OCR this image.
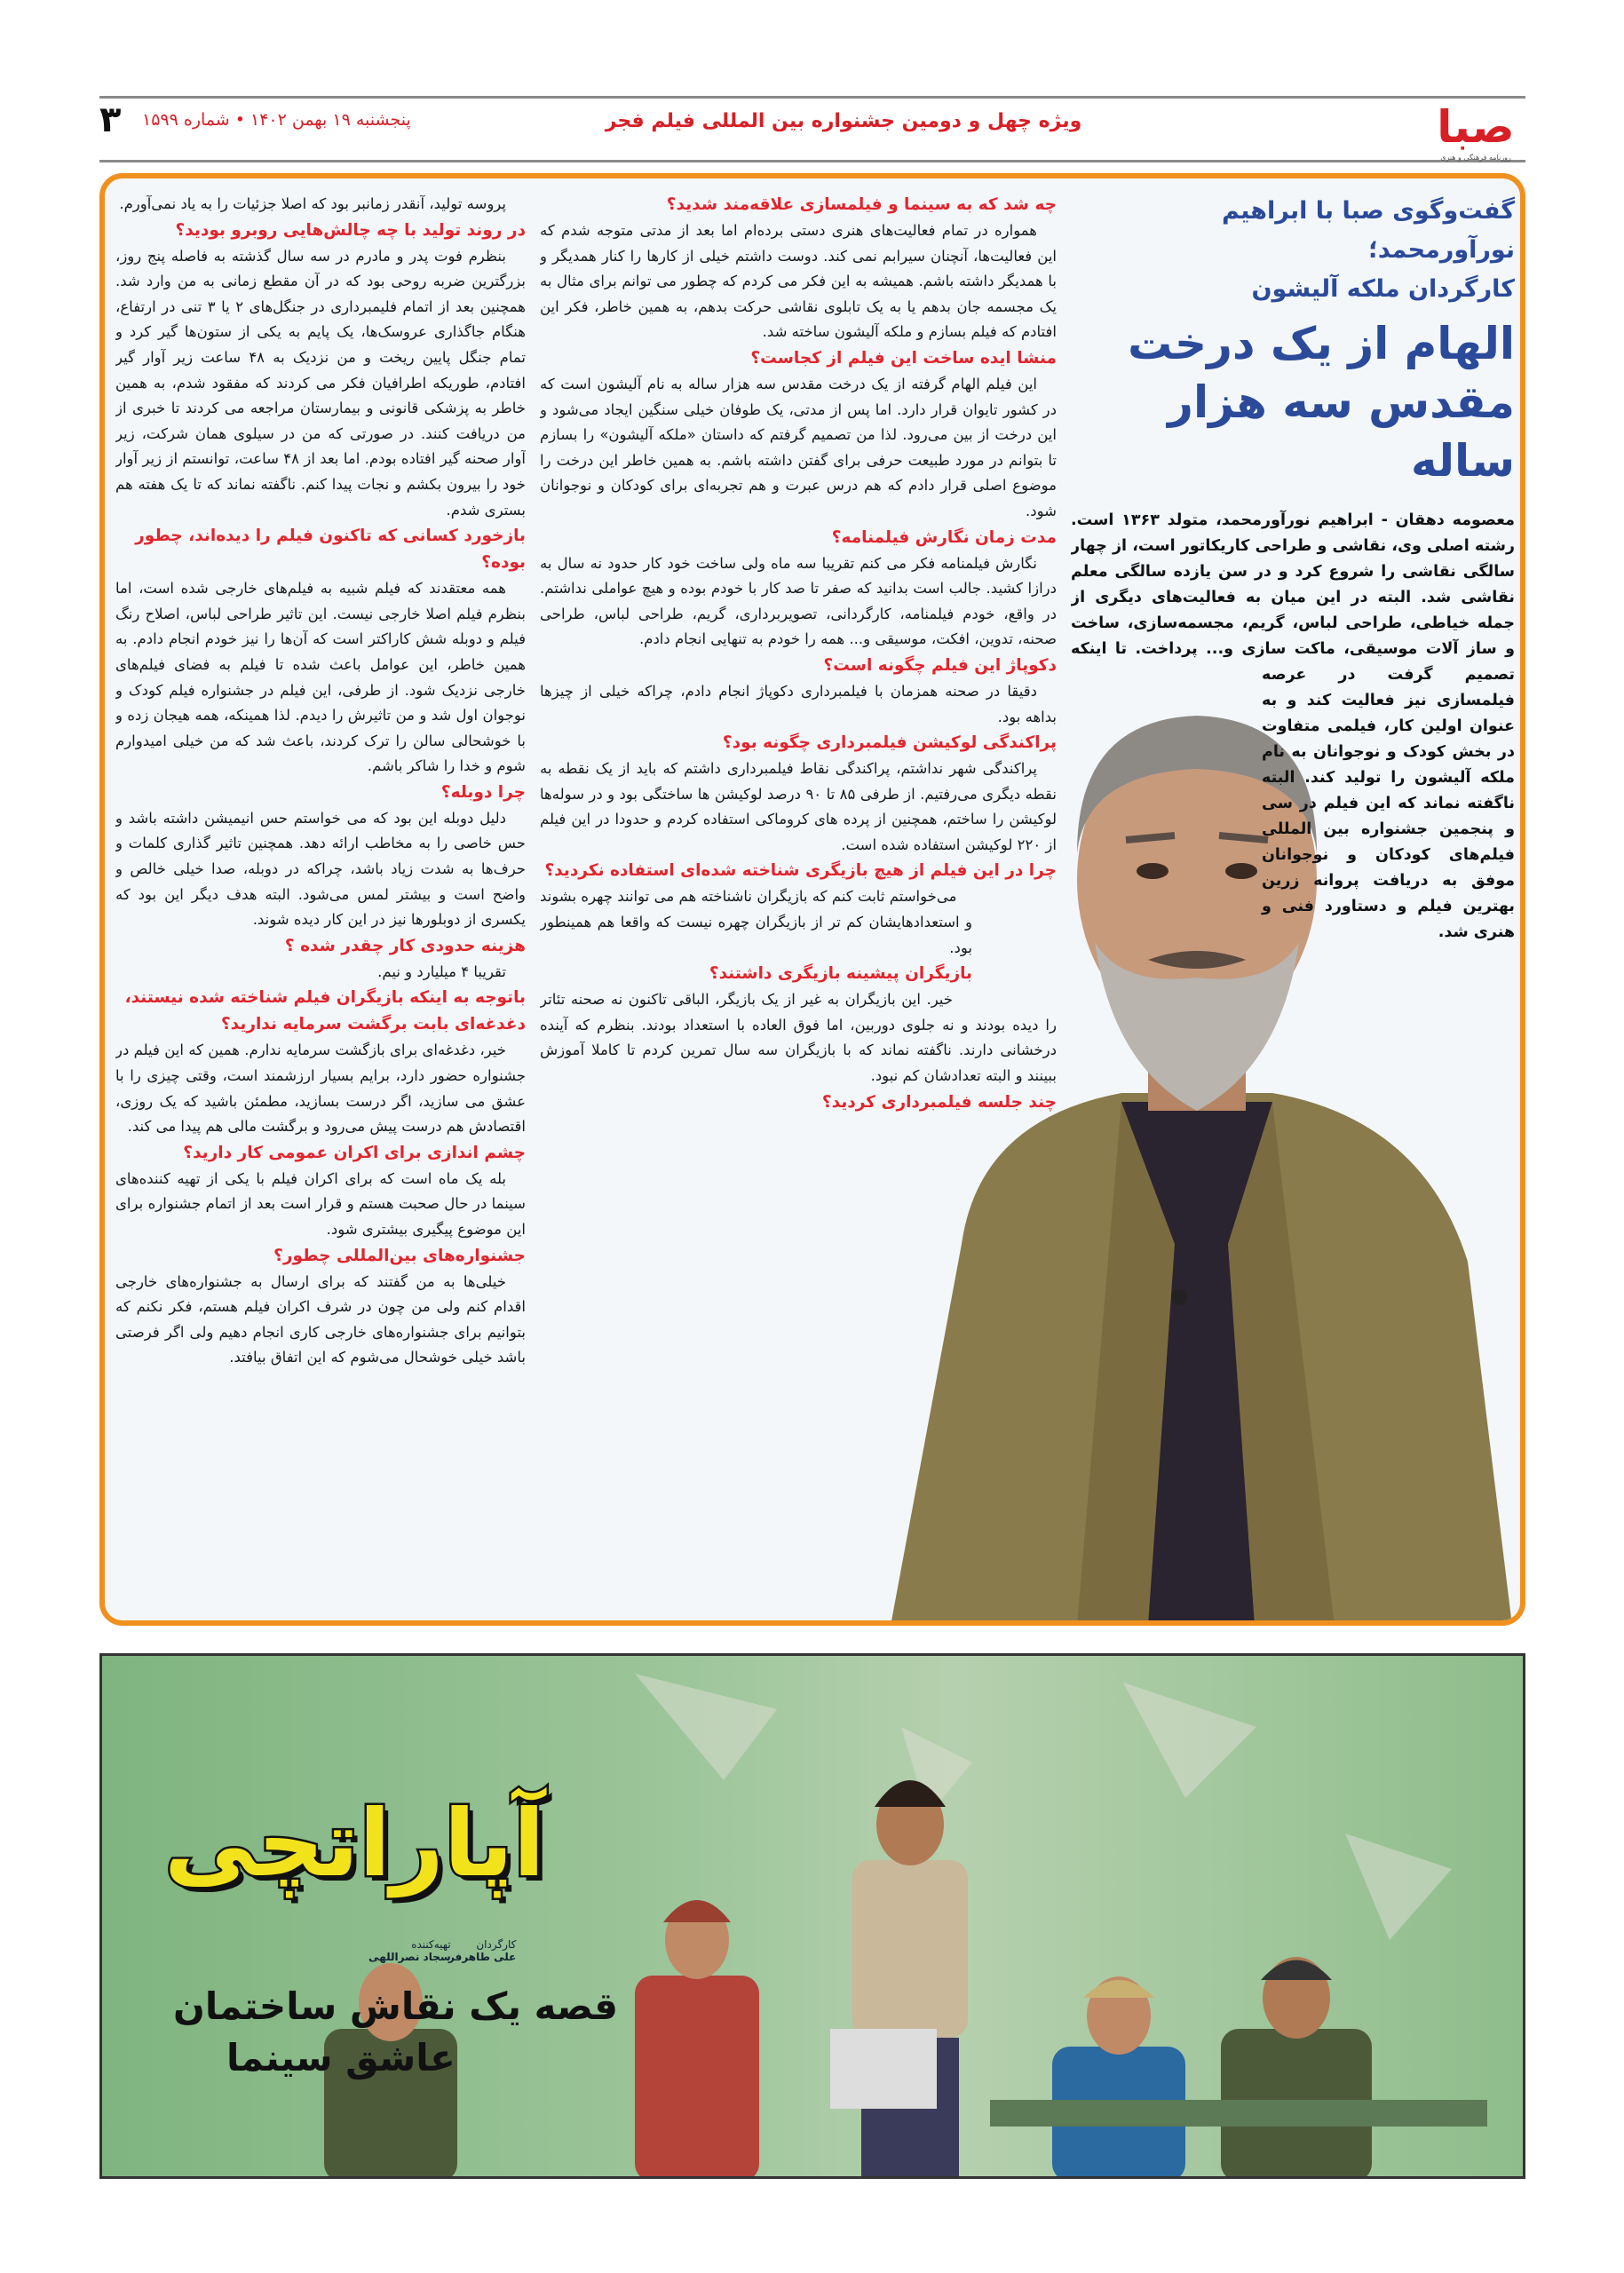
صبا
روزنامه فرهنگی و هنری
ویژه چهل و دومین جشنواره بین المللی فیلم فجر
پنجشنبه ۱۹ بهمن ۱۴۰۲ • شماره ۱۵۹۹
۳
گفت‌وگوی صبا با ابراهیم نورآورمحمد؛
کارگردان ملکه آلیشون
الهام از یک درخت مقدس سه هزار ساله
معصومه دهقان - ابراهیم نورآورمحمد، متولد ۱۳۶۳ است. رشته اصلی وی، نقاشی و طراحی کاریکاتور است، از چهار سالگی نقاشی را شروع کرد و در سن یازده سالگی معلم نقاشی شد. البته در این میان به فعالیت‌های دیگری از جمله خیاطی، طراحی لباس، گریم، مجسمه‌سازی، ساخت و ساز آلات موسیقی، ماکت سازی و... پرداخت. تا اینکه تصمیم گرفت در عرصه فیلمسازی نیز فعالیت کند و به عنوان اولین کار، فیلمی متفاوت در بخش کودک و نوجوانان به نام ملکه آلیشون را تولید کند. البته ناگفته نماند که این فیلم در سی و پنجمین جشنواره بین المللی فیلم‌های کودکان و نوجوانان موفق به دریافت پروانه زرین بهترین فیلم و دستاورد فنی و هنری شد.
چه شد که به سینما و فیلمسازی علاقه‌مند شدید؟
همواره در تمام فعالیت‌های هنری دستی برده‌ام اما بعد از مدتی متوجه شدم که این فعالیت‌ها، آنچنان سیرابم نمی کند. دوست داشتم خیلی از کارها را کنار همدیگر و با همدیگر داشته باشم. همیشه به این فکر می کردم که چطور می توانم برای مثال به یک مجسمه جان بدهم یا به یک تابلوی نقاشی حرکت بدهم، به همین خاطر، فکر این افتادم که فیلم بسازم و ملکه آلیشون ساخته شد.
منشا ایده ساخت این فیلم از کجاست؟
این فیلم الهام گرفته از یک درخت مقدس سه هزار ساله به نام آلیشون است که در کشور تایوان قرار دارد. اما پس از مدتی، یک طوفان خیلی سنگین ایجاد می‌شود و این درخت از بین می‌رود. لذا من تصمیم گرفتم که داستان «ملکه آلیشون» را بسازم تا بتوانم در مورد طبیعت حرفی برای گفتن داشته باشم. به همین خاطر این درخت را موضوع اصلی قرار دادم که هم درس عبرت و هم تجربه‌ای برای کودکان و نوجوانان شود.
مدت زمان نگارش فیلمنامه؟
نگارش فیلمنامه فکر می کنم تقریبا سه ماه ولی ساخت خود کار حدود نه سال به درازا کشید. جالب است بدانید که صفر تا صد کار با خودم بوده و هیچ عواملی نداشتم. در واقع، خودم فیلمنامه، کارگردانی، تصویربرداری، گریم، طراحی لباس، طراحی صحنه، تدوین، افکت، موسیقی و... همه را خودم به تنهایی انجام دادم.
دکوپاژ این فیلم چگونه است؟
دقیقا در صحنه همزمان با فیلمبرداری دکوپاژ انجام دادم، چراکه خیلی از چیزها بداهه بود.
پراکندگی لوکیشن فیلمبرداری چگونه بود؟
پراکندگی شهر نداشتم، پراکندگی نقاط فیلمبرداری داشتم که باید از یک نقطه به نقطه دیگری می‌رفتیم. از طرفی ۸۵ تا ۹۰ درصد لوکیشن ها ساختگی بود و در سوله‌ها لوکیشن را ساختم، همچنین از پرده های کروماکی استفاده کردم و حدودا در این فیلم از ۲۲۰ لوکیشن استفاده شده است.
چرا در این فیلم از هیچ بازیگری شناخته شده‌ای استفاده نکردید؟
می‌خواستم ثابت کنم که بازیگران ناشناخته هم می توانند چهره بشوند و استعدادهایشان کم تر از بازیگران چهره نیست که واقعا هم همینطور بود.
بازیگران پیشینه بازیگری داشتند؟
خیر. این بازیگران به غیر از یک بازیگر، الباقی تاکنون نه صحنه تئاتر را دیده بودند و نه جلوی دوربین، اما فوق العاده با استعداد بودند. بنظرم که آینده درخشانی دارند. ناگفته نماند که با بازیگران سه سال تمرین کردم تا کاملا آموزش ببینند و البته تعدادشان کم نبود.
چند جلسه فیلمبرداری کردید؟
پروسه تولید، آنقدر زمانبر بود که اصلا جزئیات را به یاد نمی‌آورم.
در روند تولید با چه چالش‌هایی روبرو بودید؟
بنظرم فوت پدر و مادرم در سه سال گذشته به فاصله پنج روز، بزرگترین ضربه روحی بود که در آن مقطع زمانی به من وارد شد. همچنین بعد از اتمام فلیمبرداری در جنگل‌های ۲ یا ۳ تنی در ارتفاع، هنگام جاگذاری عروسک‌ها، یک پایم به یکی از ستون‌ها گیر کرد و تمام جنگل پایین ریخت و من نزدیک به ۴۸ ساعت زیر آوار گیر افتادم، طوریکه اطرافیان فکر می کردند که مفقود شدم، به همین خاطر به پزشکی قانونی و بیمارستان مراجعه می کردند تا خبری از من دریافت کنند. در صورتی که من در سیلوی همان شرکت، زیر آوار صحنه گیر افتاده بودم. اما بعد از ۴۸ ساعت، توانستم از زیر آوار خود را بیرون بکشم و نجات پیدا کنم. ناگفته نماند که تا یک هفته هم بستری شدم.
بازخورد کسانی که تاکنون فیلم را دیده‌اند، چطور بوده؟
همه معتقدند که فیلم شبیه به فیلم‌های خارجی شده است، اما بنظرم فیلم اصلا خارجی نیست. این تاثیر طراحی لباس، اصلاح رنگ فیلم و دوبله شش کاراکتر است که آن‌ها را نیز خودم انجام دادم. به همین خاطر، این عوامل باعث شده تا فیلم به فضای فیلم‌های خارجی نزدیک شود. از طرفی، این فیلم در جشنواره فیلم کودک و نوجوان اول شد و من تاثیرش را دیدم. لذا همینکه، همه هیجان زده و با خوشحالی سالن را ترک کردند، باعث شد که من خیلی امیدوارم شوم و خدا را شاکر باشم.
چرا دوبله؟
دلیل دوبله این بود که می خواستم حس انیمیشن داشته باشد و حس خاصی را به مخاطب ارائه دهد. همچنین تاثیر گذاری کلمات و حرف‌ها به شدت زیاد باشد، چراکه در دوبله، صدا خیلی خالص و واضح است و بیشتر لمس می‌شود. البته هدف دیگر این بود که یکسری از دوبلورها نیز در این کار دیده شوند.
هزینه حدودی کار چقدر شده ؟
تقریبا ۴ میلیارد و نیم.
باتوجه به اینکه بازیگران فیلم شناخته شده نیستند، دغدغه‌ای بابت برگشت سرمایه ندارید؟
خیر، دغدغه‌ای برای بازگشت سرمایه ندارم. همین که این فیلم در جشنواره حضور دارد، برایم بسیار ارزشمند است، وقتی چیزی را با عشق می سازید، اگر درست بسازید، مطمئن باشید که یک روزی، اقتصادش هم درست پیش می‌رود و برگشت مالی هم پیدا می کند.
چشم اندازی برای اکران عمومی کار دارید؟
بله یک ماه است که برای اکران فیلم با یکی از تهیه کننده‌های سینما در حال صحبت هستم و قرار است بعد از اتمام جشنواره برای این موضوع پیگیری بیشتری شود.
جشنواره‌های بین‌المللی چطور؟
خیلی‌ها به من گفتند که برای ارسال به جشنواره‌های خارجی اقدام کنم ولی من چون در شرف اکران فیلم هستم، فکر نکنم که بتوانیم برای جشنواره‌های خارجی کاری انجام دهیم ولی اگر فرصتی باشد خیلی خوشحال می‌شوم که این اتفاق بیافتد.
آپاراتچی
تهیه‌کننده
سجاد نصراللهی
کارگردان
علی طاهرفر
قصه یک نقاش ساختمان
عاشق سینما
